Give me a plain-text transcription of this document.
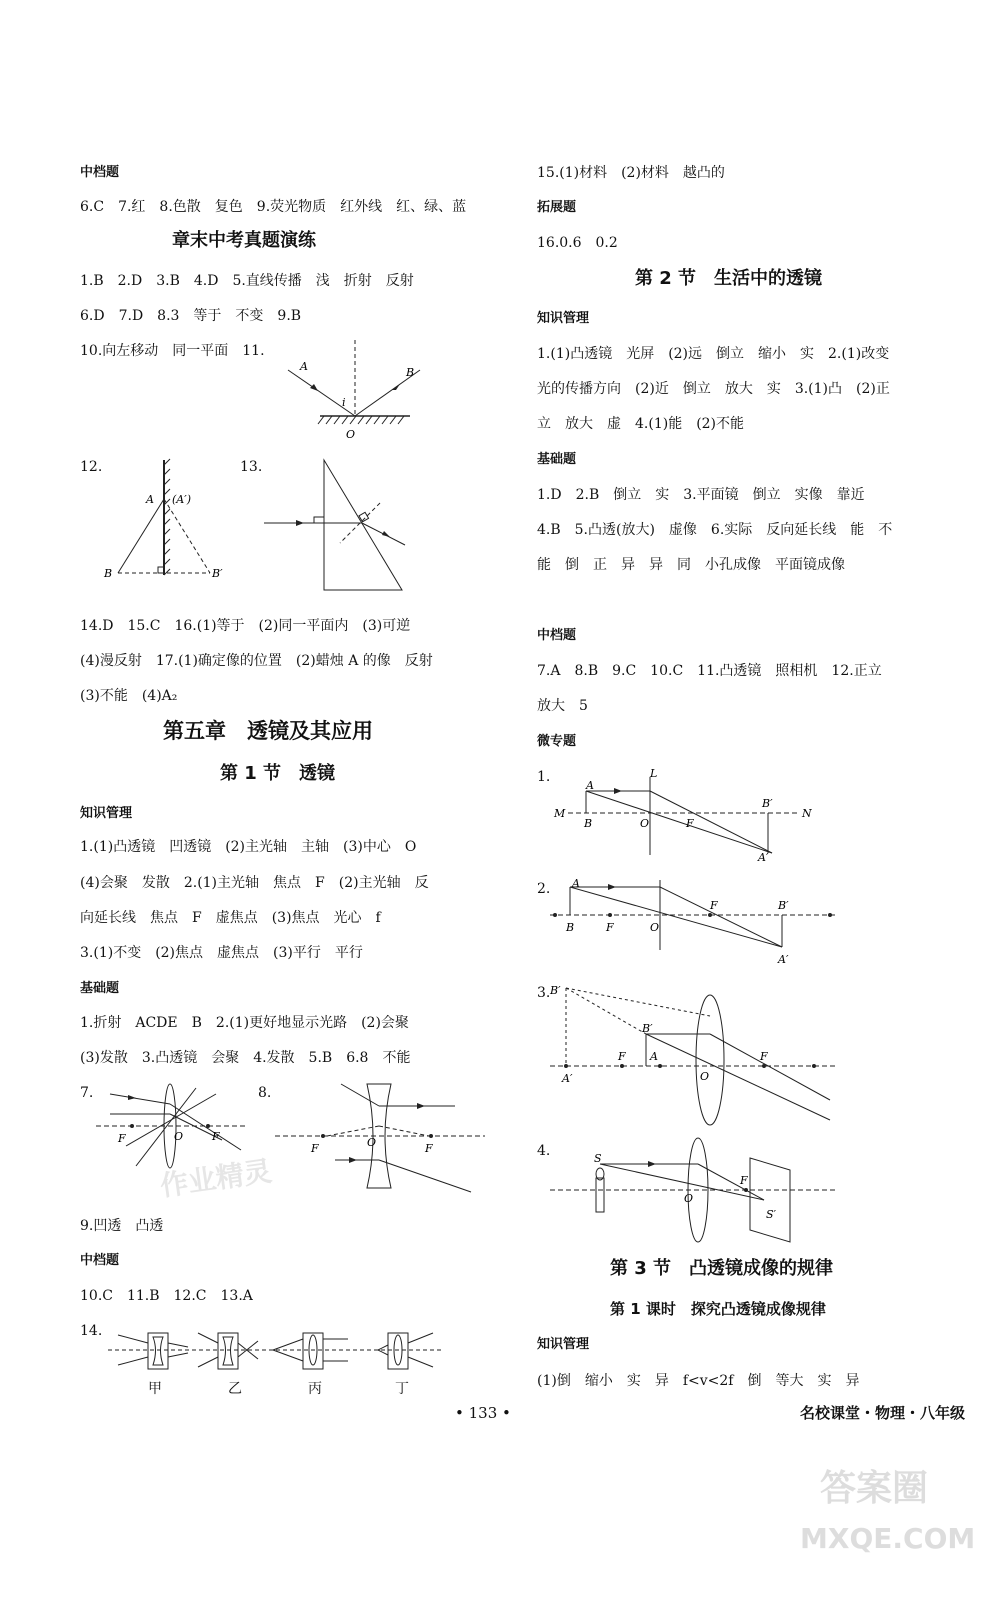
中档题
6.C　7.红　8.色散　复色　9.荧光物质　红外线　红、绿、蓝
章末中考真题演练
1.B　2.D　3.B　4.D　5.直线传播　浅　折射　反射
6.D　7.D　8.3　等于　不变　9.B
10.向左移动　同一平面　11.
A	B
i
O
12.
A (A′)
B	B′
13.
14.D　15.C　16.(1)等于　(2)同一平面内　(3)可逆
(4)漫反射　17.(1)确定像的位置　(2)蜡烛 A 的像　反射
(3)不能　(4)A₂
第五章　透镜及其应用
第 1 节　透镜
知识管理
1.(1)凸透镜　凹透镜　(2)主光轴　主轴　(3)中心　O
(4)会聚　发散　2.(1)主光轴　焦点　F　(2)主光轴　反
向延长线　焦点　F　虚焦点　(3)焦点　光心　f
3.(1)不变　(2)焦点　虚焦点　(3)平行　平行
基础题
1.折射　ACDE　B　2.(1)更好地显示光路　(2)会聚
(3)发散　3.凸透镜　会聚　4.发散　5.B　6.8　不能
7.
F	O	F
8.
F	O	F
9.凹透　凸透
中档题
10.C　11.B　12.C　13.A
14.
甲	乙	丙	丁
15.(1)材料　(2)材料　越凸的
拓展题
16.0.6　0.2
第 2 节　生活中的透镜
知识管理
1.(1)凸透镜　光屏　(2)远　倒立　缩小　实　2.(1)改变
光的传播方向　(2)近　倒立　放大　实　3.(1)凸　(2)正
立　放大　虚　4.(1)能　(2)不能
基础题
1.D　2.B　倒立　实　3.平面镜　倒立　实像　靠近
4.B　5.凸透(放大)　虚像　6.实际　反向延长线　能　不
能　倒　正　异　异　同　小孔成像　平面镜成像
中档题
7.A　8.B　9.C　10.C　11.凸透镜　照相机　12.正立
放大　5
微专题
1.
M
A
B
L
O	F
B′
N
A′
2. A
B	F	O
F	B′
A′
3. B′
B′
F A
O
F
A′
4.	S
O
F
S′
第 3 节　凸透镜成像的规律
第 1 课时　探究凸透镜成像规律
知识管理
(1)倒　缩小　实　异　f<v<2f　倒　等大　实　异
• 133 •	名校课堂・物理・八年级
作业精灵
答案圈
MXQE.COM
